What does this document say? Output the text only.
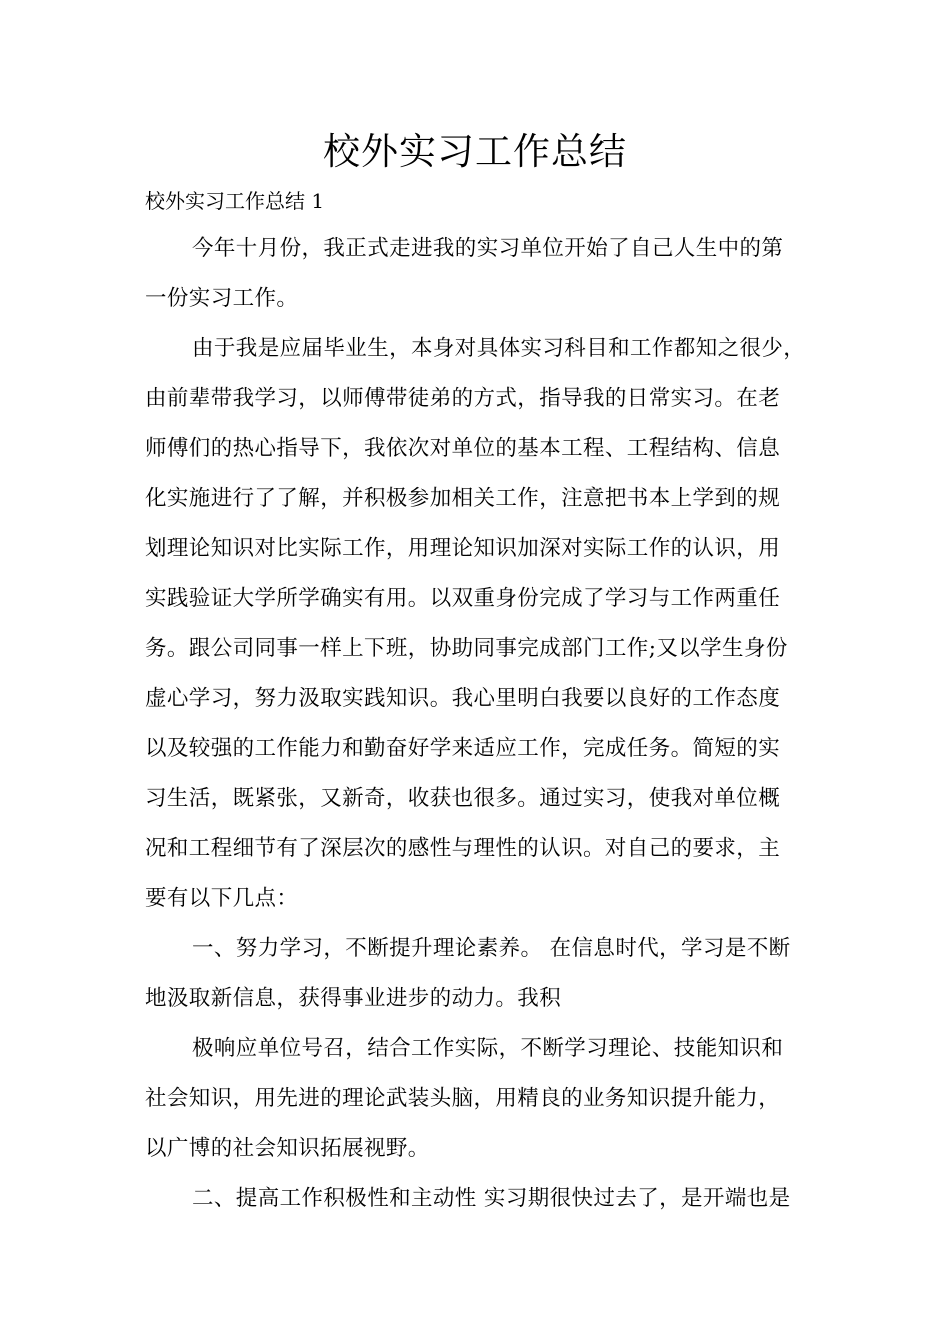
校外实习工作总结
校外实习工作总结 1
今年十月份，我正式走进我的实习单位开始了自己人生中的第
一份实习工作。
由于我是应届毕业生，本身对具体实习科目和工作都知之很少，
由前辈带我学习，以师傅带徒弟的方式，指导我的日常实习。在老
师傅们的热心指导下，我依次对单位的基本工程、工程结构、信息
化实施进行了了解，并积极参加相关工作，注意把书本上学到的规
划理论知识对比实际工作，用理论知识加深对实际工作的认识，用
实践验证大学所学确实有用。以双重身份完成了学习与工作两重任
务。跟公司同事一样上下班，协助同事完成部门工作;又以学生身份
虚心学习，努力汲取实践知识。我心里明白我要以良好的工作态度
以及较强的工作能力和勤奋好学来适应工作，完成任务。简短的实
习生活，既紧张，又新奇，收获也很多。通过实习，使我对单位概
况和工程细节有了深层次的感性与理性的认识。对自己的要求，主
要有以下几点：
一、努力学习，不断提升理论素养。 在信息时代，学习是不断
地汲取新信息，获得事业进步的动力。我积
极响应单位号召，结合工作实际，不断学习理论、技能知识和
社会知识，用先进的理论武装头脑，用精良的业务知识提升能力，
以广博的社会知识拓展视野。
二、提高工作积极性和主动性 实习期很快过去了，是开端也是
